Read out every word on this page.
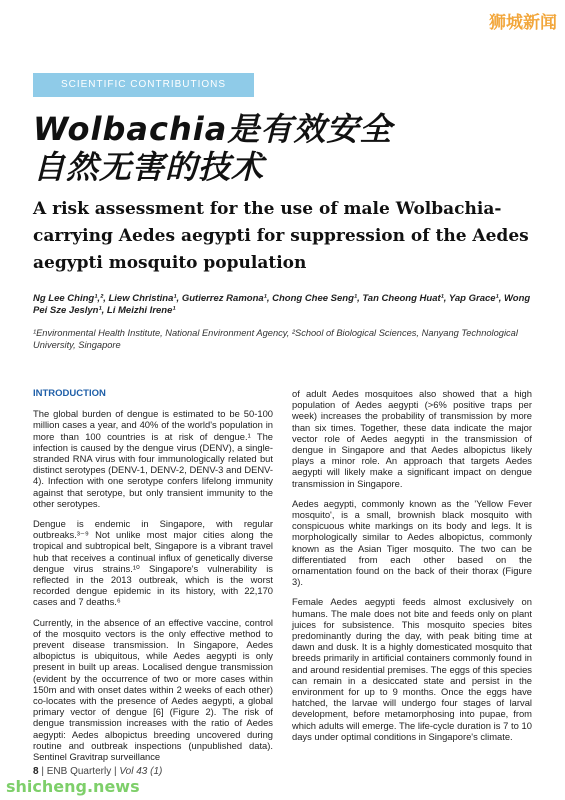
狮城新闻
SCIENTIFIC CONTRIBUTIONS
Wolbachia是有效安全
自然无害的技术
A risk assessment for the use of male Wolbachia-carrying Aedes aegypti for suppression of the Aedes aegypti mosquito population
Ng Lee Ching¹,², Liew Christina¹, Gutierrez Ramona¹, Chong Chee Seng¹, Tan Cheong Huat¹, Yap Grace¹, Wong Pei Sze Jeslyn¹, Li Meizhi Irene¹
¹Environmental Health Institute, National Environment Agency, ²School of Biological Sciences, Nanyang Technological University, Singapore
INTRODUCTION

The global burden of dengue is estimated to be 50-100 million cases a year, and 40% of the world's population in more than 100 countries is at risk of dengue.¹ The infection is caused by the dengue virus (DENV), a single-stranded RNA virus with four immunologically related but distinct serotypes (DENV-1, DENV-2, DENV-3 and DENV-4). Infection with one serotype confers lifelong immunity against that serotype, but only transient immunity to the other serotypes.

Dengue is endemic in Singapore, with regular outbreaks.³⁻⁹ Not unlike most major cities along the tropical and subtropical belt, Singapore is a vibrant travel hub that receives a continual influx of genetically diverse dengue virus strains.¹⁰ Singapore's vulnerability is reflected in the 2013 outbreak, which is the worst recorded dengue epidemic in its history, with 22,170 cases and 7 deaths.⁶

Currently, in the absence of an effective vaccine, control of the mosquito vectors is the only effective method to prevent disease transmission. In Singapore, Aedes albopictus is ubiquitous, while Aedes aegypti is only present in built up areas. Localised dengue transmission (evident by the occurrence of two or more cases within 150m and with onset dates within 2 weeks of each other) co-locates with the presence of Aedes aegypti, a global primary vector of dengue [6] (Figure 2). The risk of dengue transmission increases with the ratio of Aedes aegypti: Aedes albopictus breeding uncovered during routine and outbreak inspections (unpublished data). Sentinel Gravitrap surveillance

of adult Aedes mosquitoes also showed that a high population of Aedes aegypti (>6% positive traps per week) increases the probability of transmission by more than six times. Together, these data indicate the major vector role of Aedes aegypti in the transmission of dengue in Singapore and that Aedes albopictus likely plays a minor role. An approach that targets Aedes aegypti will likely make a significant impact on dengue transmission in Singapore.

Aedes aegypti, commonly known as the 'Yellow Fever mosquito', is a small, brownish black mosquito with conspicuous white markings on its body and legs. It is morphologically similar to Aedes albopictus, commonly known as the Asian Tiger mosquito. The two can be differentiated from each other based on the ornamentation found on the back of their thorax (Figure 3).

Female Aedes aegypti feeds almost exclusively on humans. The male does not bite and feeds only on plant juices for subsistence. This mosquito species bites predominantly during the day, with peak biting time at dawn and dusk. It is a highly domesticated mosquito that breeds primarily in artificial containers commonly found in and around residential premises. The eggs of this species can remain in a desiccated state and persist in the environment for up to 9 months. Once the eggs have hatched, the larvae will undergo four stages of larval development, before metamorphosing into pupae, from which adults will emerge. The life-cycle duration is 7 to 10 days under optimal conditions in Singapore's climate.

8 | ENB Quarterly | Vol 43 (1)
shicheng.news
